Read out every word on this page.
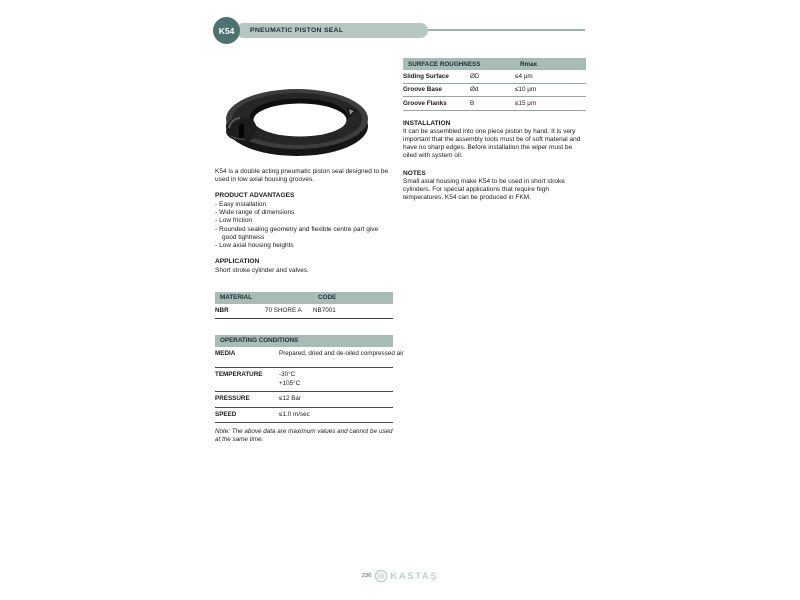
K54	PNEUMATIC PISTON SEAL

K54 is a double acting pneumatic piston seal designed to be used in low axial housing grooves.

PRODUCT ADVANTAGES
- Easy installation
- Wide range of dimensions
- Low friction
- Rounded sealing geometry and flexible centre part give good tightness
- Low axial housing heights
APPLICATION

Short stroke cylinder and valves.

MATERIAL	CODE
NBR	70 SHORE A	NB7001
OPERATING CONDITIONS
MEDIA	Prepared, dried and de-oiled compressed air
TEMPERATURE	-30°C
+105°C
PRESSURE	≤12 Bar
SPEED	≤1.0 m/sec

Note: The above data are maximum values and cannot be used at the same time.

SURFACE ROUGHNESS	Rmax
Sliding Surface	ØD	≤4 μm
Groove Base	Ød	≤10 μm
Groove Flanks	B	≤15 μm
INSTALLATION

It can be assembled into one piece piston by hand. It is very important that the assembly tools must be of soft material and have no sharp edges. Before installation the wiper must be oiled with system oil.

NOTES

Small axial housing make K54 to be used in short stroke cylinders. For special applications that require high temperatures, K54 can be produced in FKM.

236 KASTAŞ
